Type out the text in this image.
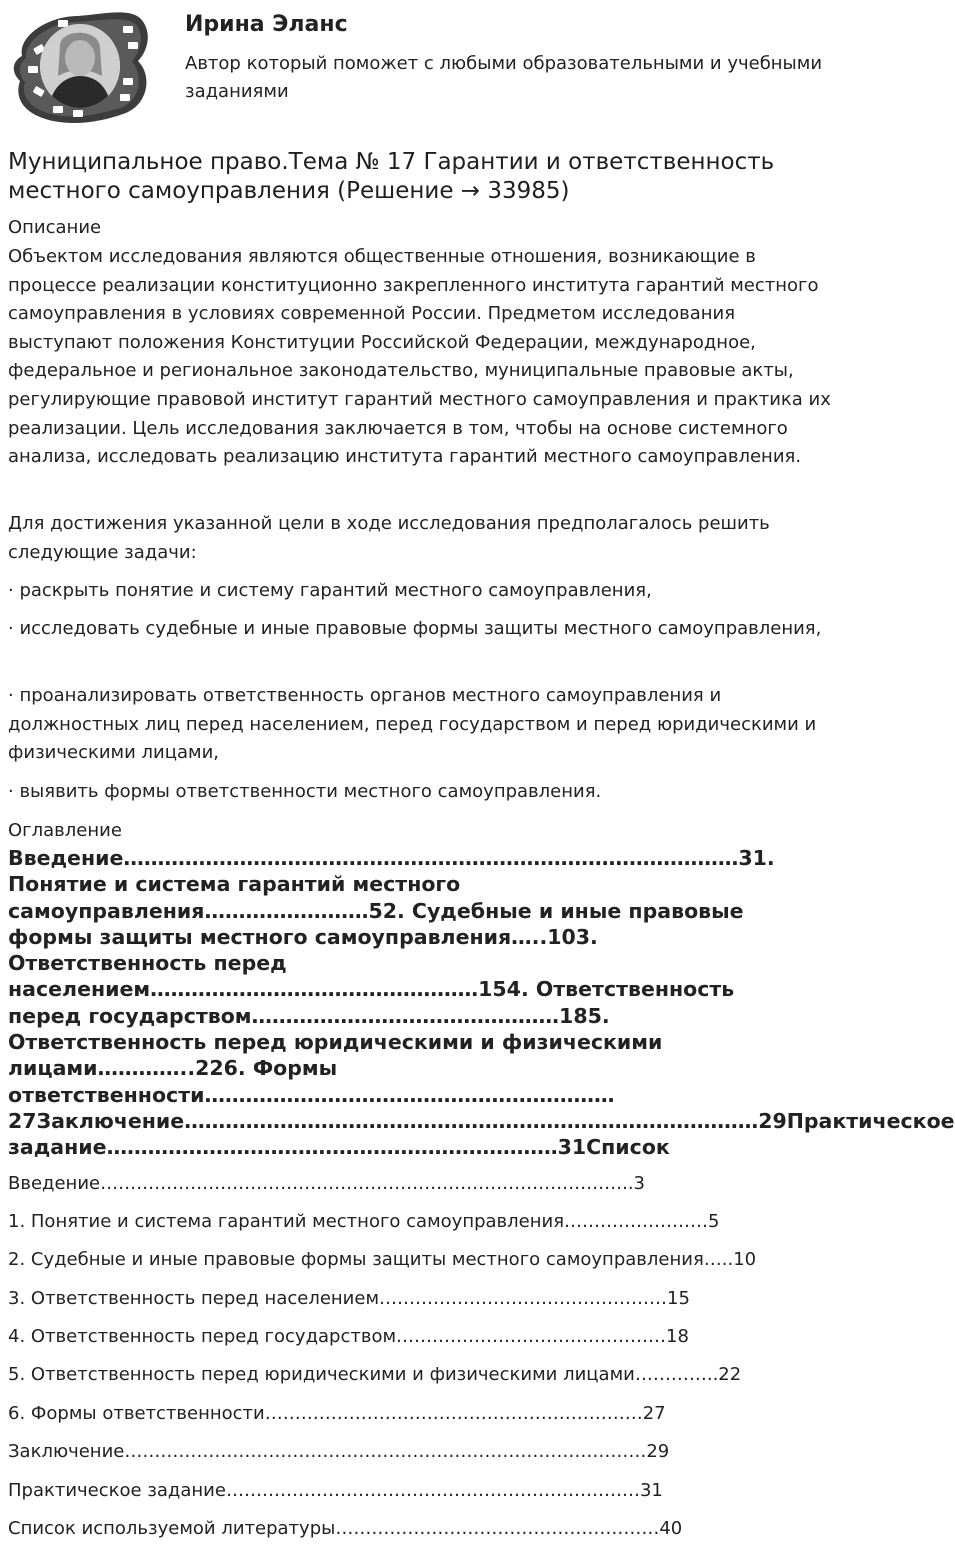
Ирина Эланс
Автор который поможет с любыми образовательными и учебными заданиями
Муниципальное право.Тема № 17 Гарантии и ответственность местного самоуправления (Решение → 33985)
Описание
Объектом исследования являются общественные отношения, возникающие в процессе реализации конституционно закрепленного института гарантий местного самоуправления в условиях современной России. Предметом исследования выступают положения Конституции Российской Федерации, международное, федеральное и региональное законодательство, муниципальные правовые акты, регулирующие правовой институт гарантий местного самоуправления и практика их реализации. Цель исследования заключается в том, чтобы на основе системного анализа, исследовать реализацию института гарантий местного самоуправления.
Для достижения указанной цели в ходе исследования предполагалось решить следующие задачи:
· раскрыть понятие и систему гарантий местного самоуправления,
· исследовать судебные и иные правовые формы защиты местного самоуправления,
· проанализировать ответственность органов местного самоуправления и должностных лиц перед населением, перед государством и перед юридическими и физическими лицами,
· выявить формы ответственности местного самоуправления.
Оглавление
Введение………………………………………………………………………………31.
Понятие и система гарантий местного
самоуправления……………………52. Судебные и иные правовые
формы защиты местного самоуправления…..103.
Ответственность перед
населением…………………………………………154. Ответственность
перед государством………………………………………185.
Ответственность перед юридическими и физическими
лицами…………..226. Формы
ответственности……………………………………………………
27Заключение…………………………………………………………………………29Практическое
задание…………………………………………………………31Список
Введение……………………………………………………………………………..3
1. Понятие и система гарантий местного самоуправления……………………5
2. Судебные и иные правовые формы защиты местного самоуправления…..10
3. Ответственность перед населением…………………………………………15
4. Ответственность перед государством………………………………………18
5. Ответственность перед юридическими и физическими лицами…………..22
6. Формы ответственности………………………………………………………27
Заключение……………………………………………………………………………29
Практическое задание……………………………………………………………31
Список используемой литературы………………………………………………40
